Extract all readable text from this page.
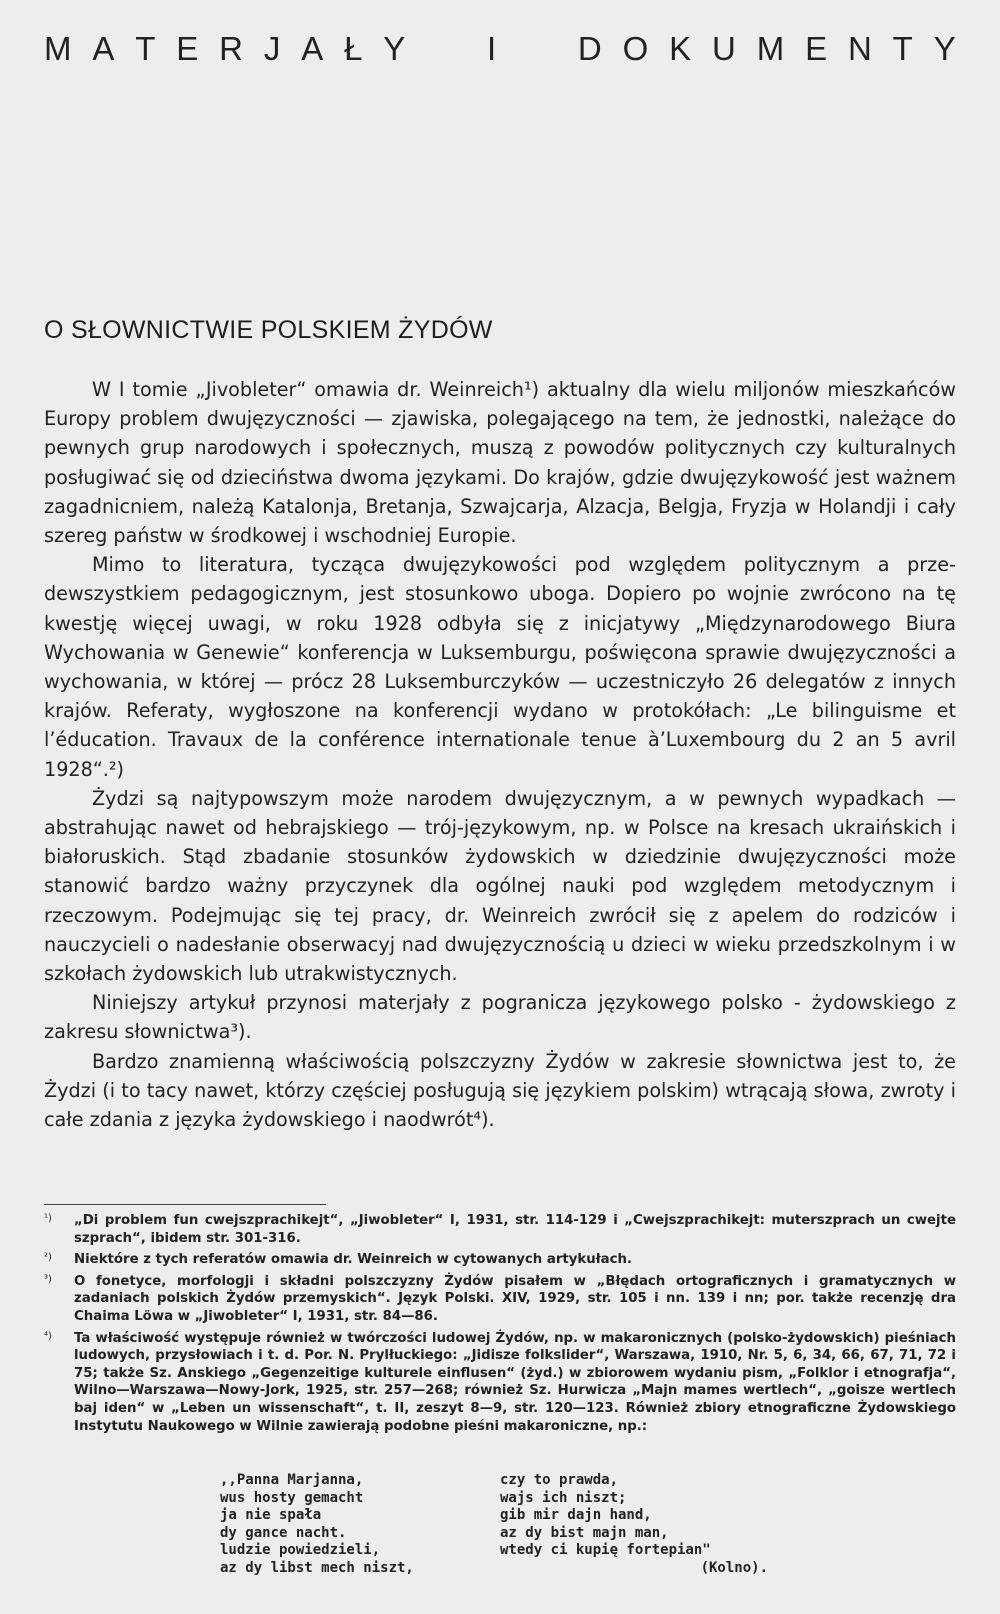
M A T E R J A Ł Y I D O K U M E N T Y
O SŁOWNICTWIE POLSKIEM ŻYDÓW

W I tomie „Jivobleter“ omawia dr. Weinreich¹) aktualny dla wielu miljonów mieszkańców Europy problem dwujęzyczności — zjawiska, polegającego na tem, że jednostki, należące do pewnych grup narodowych i społecznych, muszą z powodów politycznych czy kulturalnych posługiwać się od dzieciństwa dwoma językami. Do krajów, gdzie dwujęzykowość jest ważnem zagadnicniem, należą Katalonja, Bretanja, Szwajcarja, Alzacja, Belgja, Fryzja w Holandji i cały szereg państw w środkowej i wschodniej Europie.

Mimo to literatura, tycząca dwujęzykowości pod względem politycznym a przedewszystkiem pedagogicznym, jest stosunkowo uboga. Dopiero po wojnie zwrócono na tę kwestję więcej uwagi, w roku 1928 odbyła się z inicjatywy „Międzynarodowego Biura Wychowania w Genewie“ konferencja w Luksemburgu, poświęcona sprawie dwujęzyczności a wychowania, w której — prócz 28 Luksemburczyków — uczestniczyło 26 delegatów z innych krajów. Referaty, wygłoszone na konferencji wydano w protokółach: „Le bilinguisme et l’éducation. Travaux de la conférence internationale tenue à’Luxembourg du 2 an 5 avril 1928“.²)

Żydzi są najtypowszym może narodem dwujęzycznym, a w pewnych wypadkach — abstrahując nawet od hebrajskiego — trój-językowym, np. w Polsce na kresach ukraińskich i białoruskich. Stąd zbadanie stosunków żydowskich w dziedzinie dwujęzyczności może stanowić bardzo ważny przyczynek dla ogólnej nauki pod względem metodycznym i rzeczowym. Podejmując się tej pracy, dr. Weinreich zwrócił się z apelem do rodziców i nauczycieli o nadesłanie obserwacyj nad dwujęzycznością u dzieci w wieku przedszkolnym i w szkołach żydowskich lub utrakwistycznych.

Niniejszy artykuł przynosi materjały z pogranicza językowego polsko - żydowskiego z zakresu słownictwa³).

Bardzo znamienną właściwością polszczyzny Żydów w zakresie słownictwa jest to, że Żydzi (i to tacy nawet, którzy częściej posługują się językiem polskim) wtrącają słowa, zwroty i całe zdania z języka żydowskiego i naodwrót⁴).

¹)	„Di problem fun cwejszprachikejt“, „Jiwobleter“ I, 1931, str. 114-129 i „Cwejszprachikejt: muterszprach un cwejte szprach“, ibidem str. 301-316.
²)	Niektóre z tych referatów omawia dr. Weinreich w cytowanych artykułach.
³)	O fonetyce, morfologji i składni polszczyzny Żydów pisałem w „Błędach ortograficznych i gramatycznych w zadaniach polskich Żydów przemyskich“. Język Polski. XIV, 1929, str. 105 i nn. 139 i nn; por. także recenzję dra Chaima Löwa w „Jiwobleter“ I, 1931, str. 84—86.
⁴)	Ta właściwość występuje również w twórczości ludowej Żydów, np. w makaronicznych (polsko-żydowskich) pieśniach ludowych, przysłowiach i t. d. Por. N. Prylłuckiego: „Jidisze folkslider“, Warszawa, 1910, Nr. 5, 6, 34, 66, 67, 71, 72 i 75; także Sz. Anskiego „Gegenzeitige kulturele einflusen“ (żyd.) w zbiorowem wydaniu pism, „Folklor i etnografja“, Wilno—Warszawa—Nowy-Jork, 1925, str. 257—268; również Sz. Hurwicza „Majn mames wertlech“, „goisze wertlech baj iden“ w „Leben un wissenschaft“, t. II, zeszyt 8—9, str. 120—123. Również zbiory etnograficzne Żydowskiego Instytutu Naukowego w Wilnie zawierają podobne pieśni makaroniczne, np.:
,,Panna Marjanna,
wus hosty gemacht
ja nie spała
dy gance nacht.
ludzie powiedzieli,
az dy libst mech niszt,
czy to prawda,
wajs ich niszt;
gib mir dajn hand,
az dy bist majn man,
wtedy ci kupię fortepian"
(Kolno).
